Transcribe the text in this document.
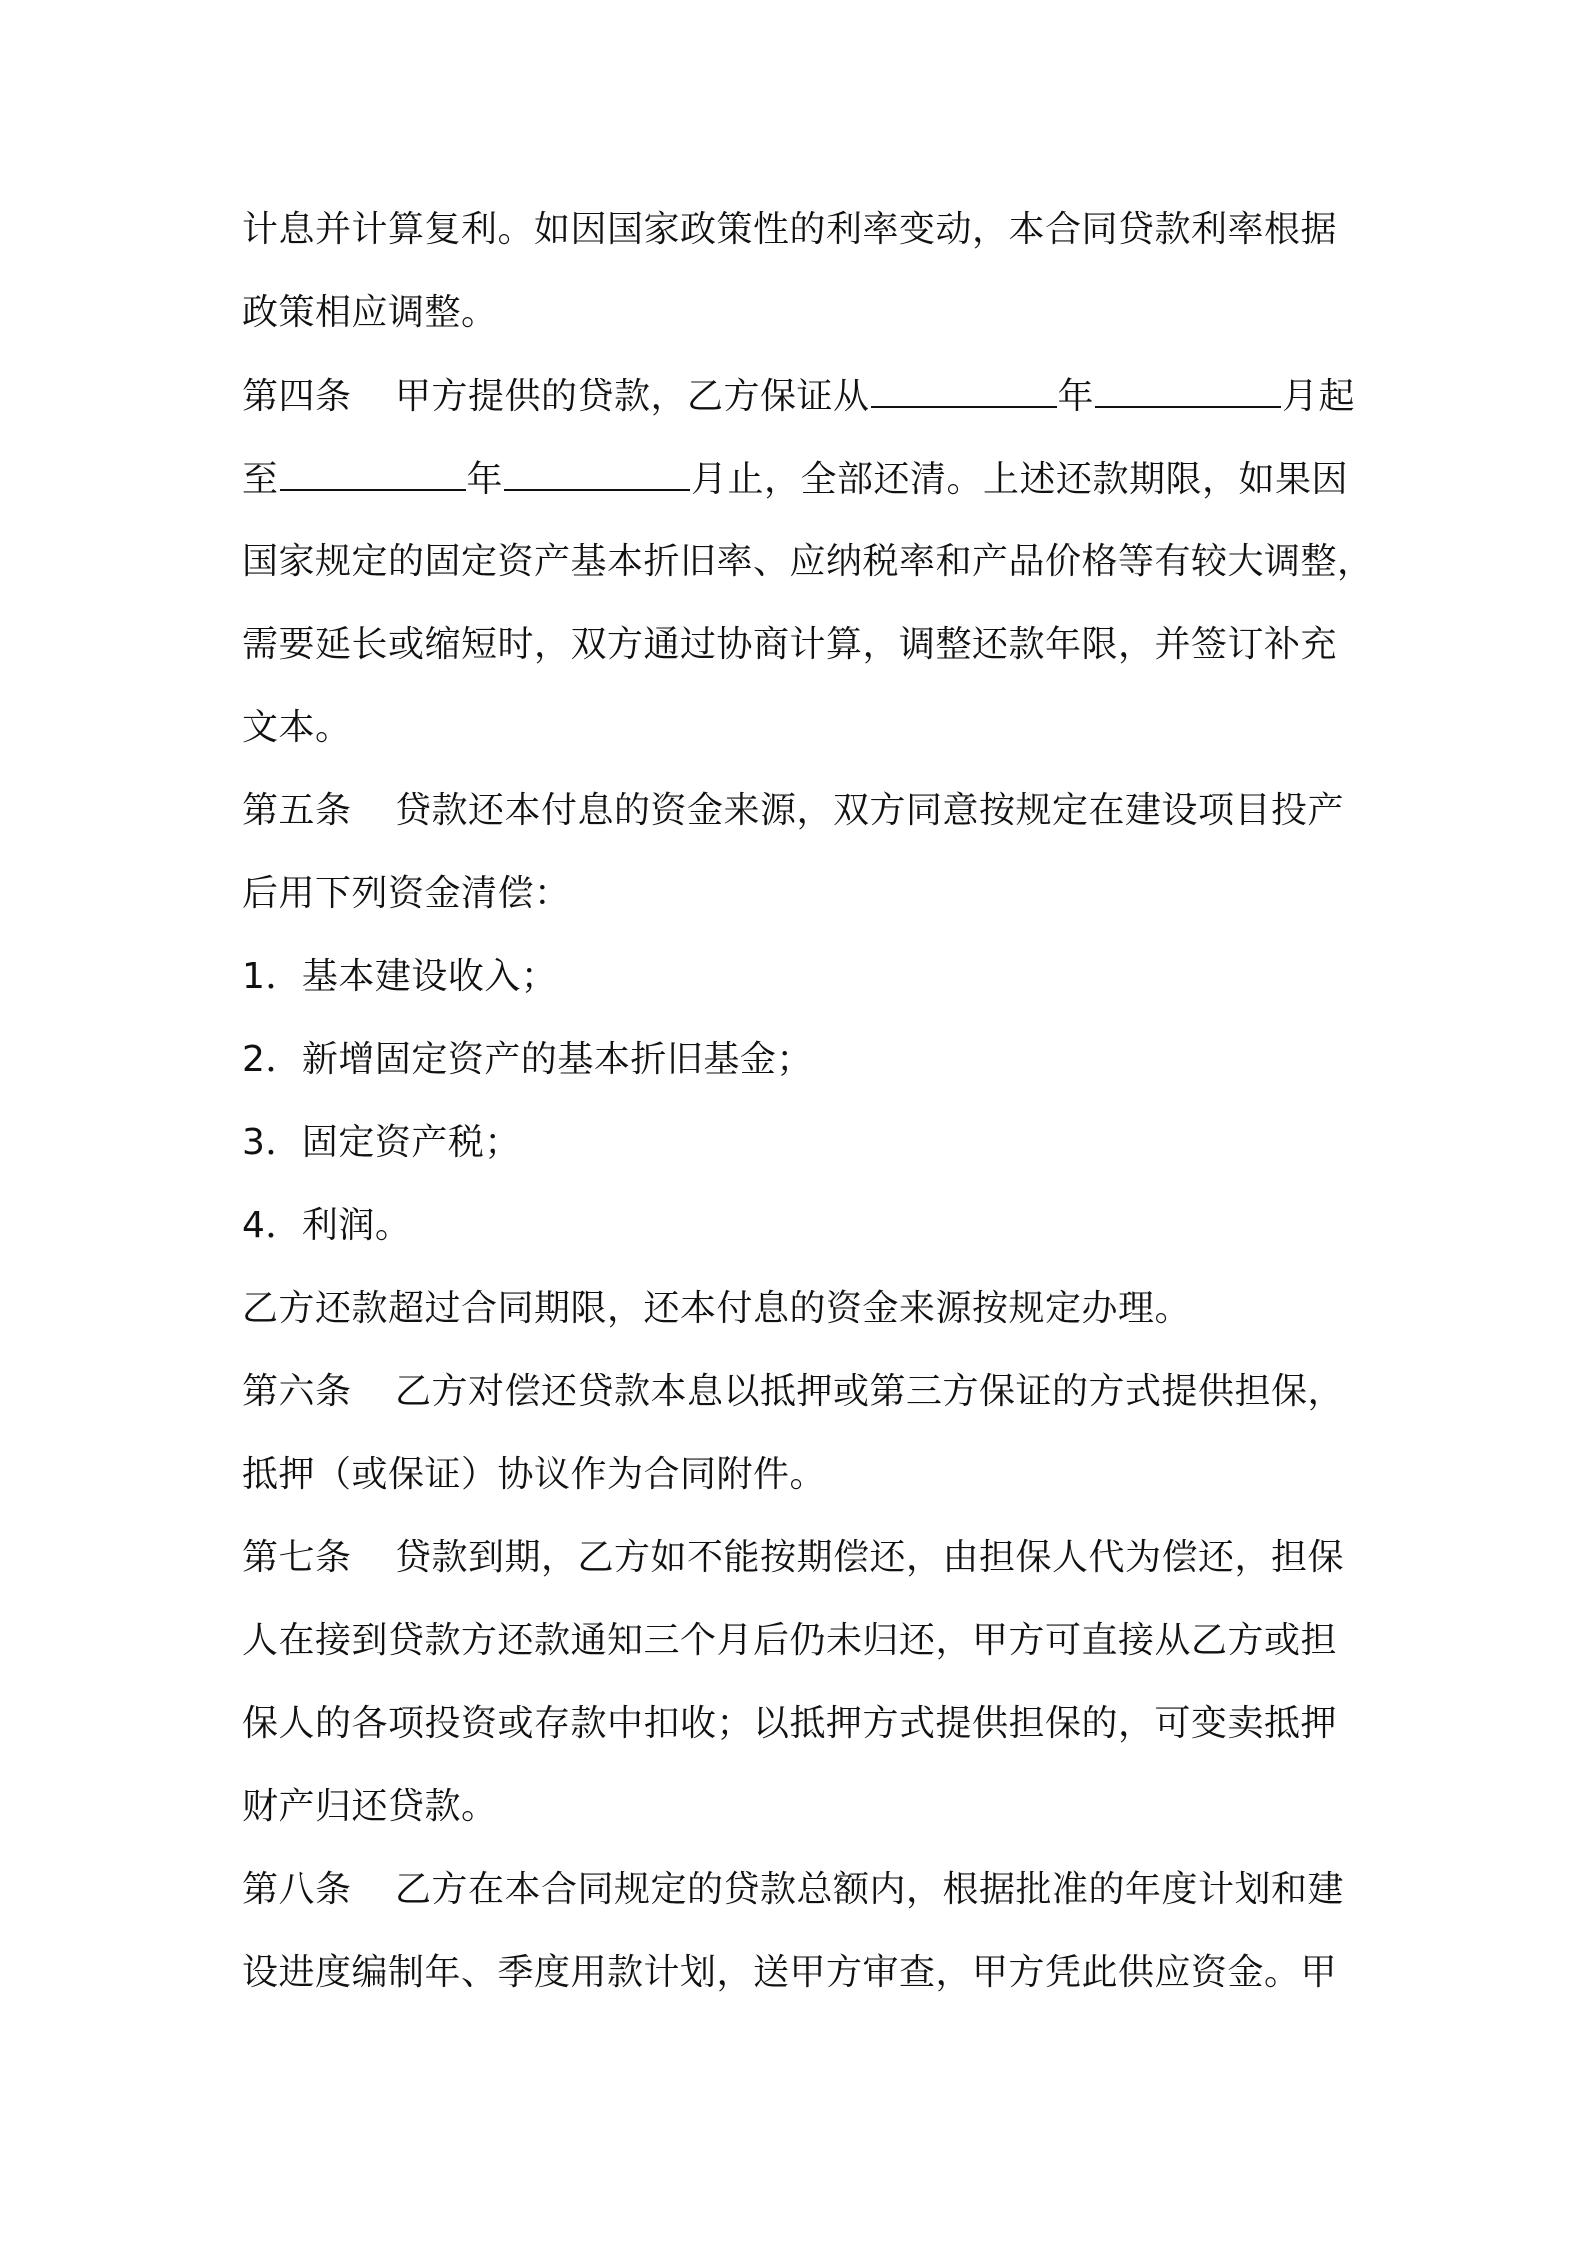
计息并计算复利。如因国家政策性的利率变动，本合同贷款利率根据
政策相应调整。
第四条 甲方提供的贷款，乙方保证从	年	月起
至	年	月止，全部还清。上述还款期限，如果因
国家规定的固定资产基本折旧率、应纳税率和产品价格等有较大调整，
需要延长或缩短时，双方通过协商计算，调整还款年限，并签订补充
文本。
第五条 贷款还本付息的资金来源，双方同意按规定在建设项目投产
后用下列资金清偿：
1．基本建设收入；
2．新增固定资产的基本折旧基金；
3．固定资产税；
4．利润。
乙方还款超过合同期限，还本付息的资金来源按规定办理。
第六条 乙方对偿还贷款本息以抵押或第三方保证的方式提供担保，
抵押（或保证）协议作为合同附件。
第七条 贷款到期，乙方如不能按期偿还，由担保人代为偿还，担保
人在接到贷款方还款通知三个月后仍未归还，甲方可直接从乙方或担
保人的各项投资或存款中扣收；以抵押方式提供担保的，可变卖抵押
财产归还贷款。
第八条 乙方在本合同规定的贷款总额内，根据批准的年度计划和建
设进度编制年、季度用款计划，送甲方审查，甲方凭此供应资金。甲
